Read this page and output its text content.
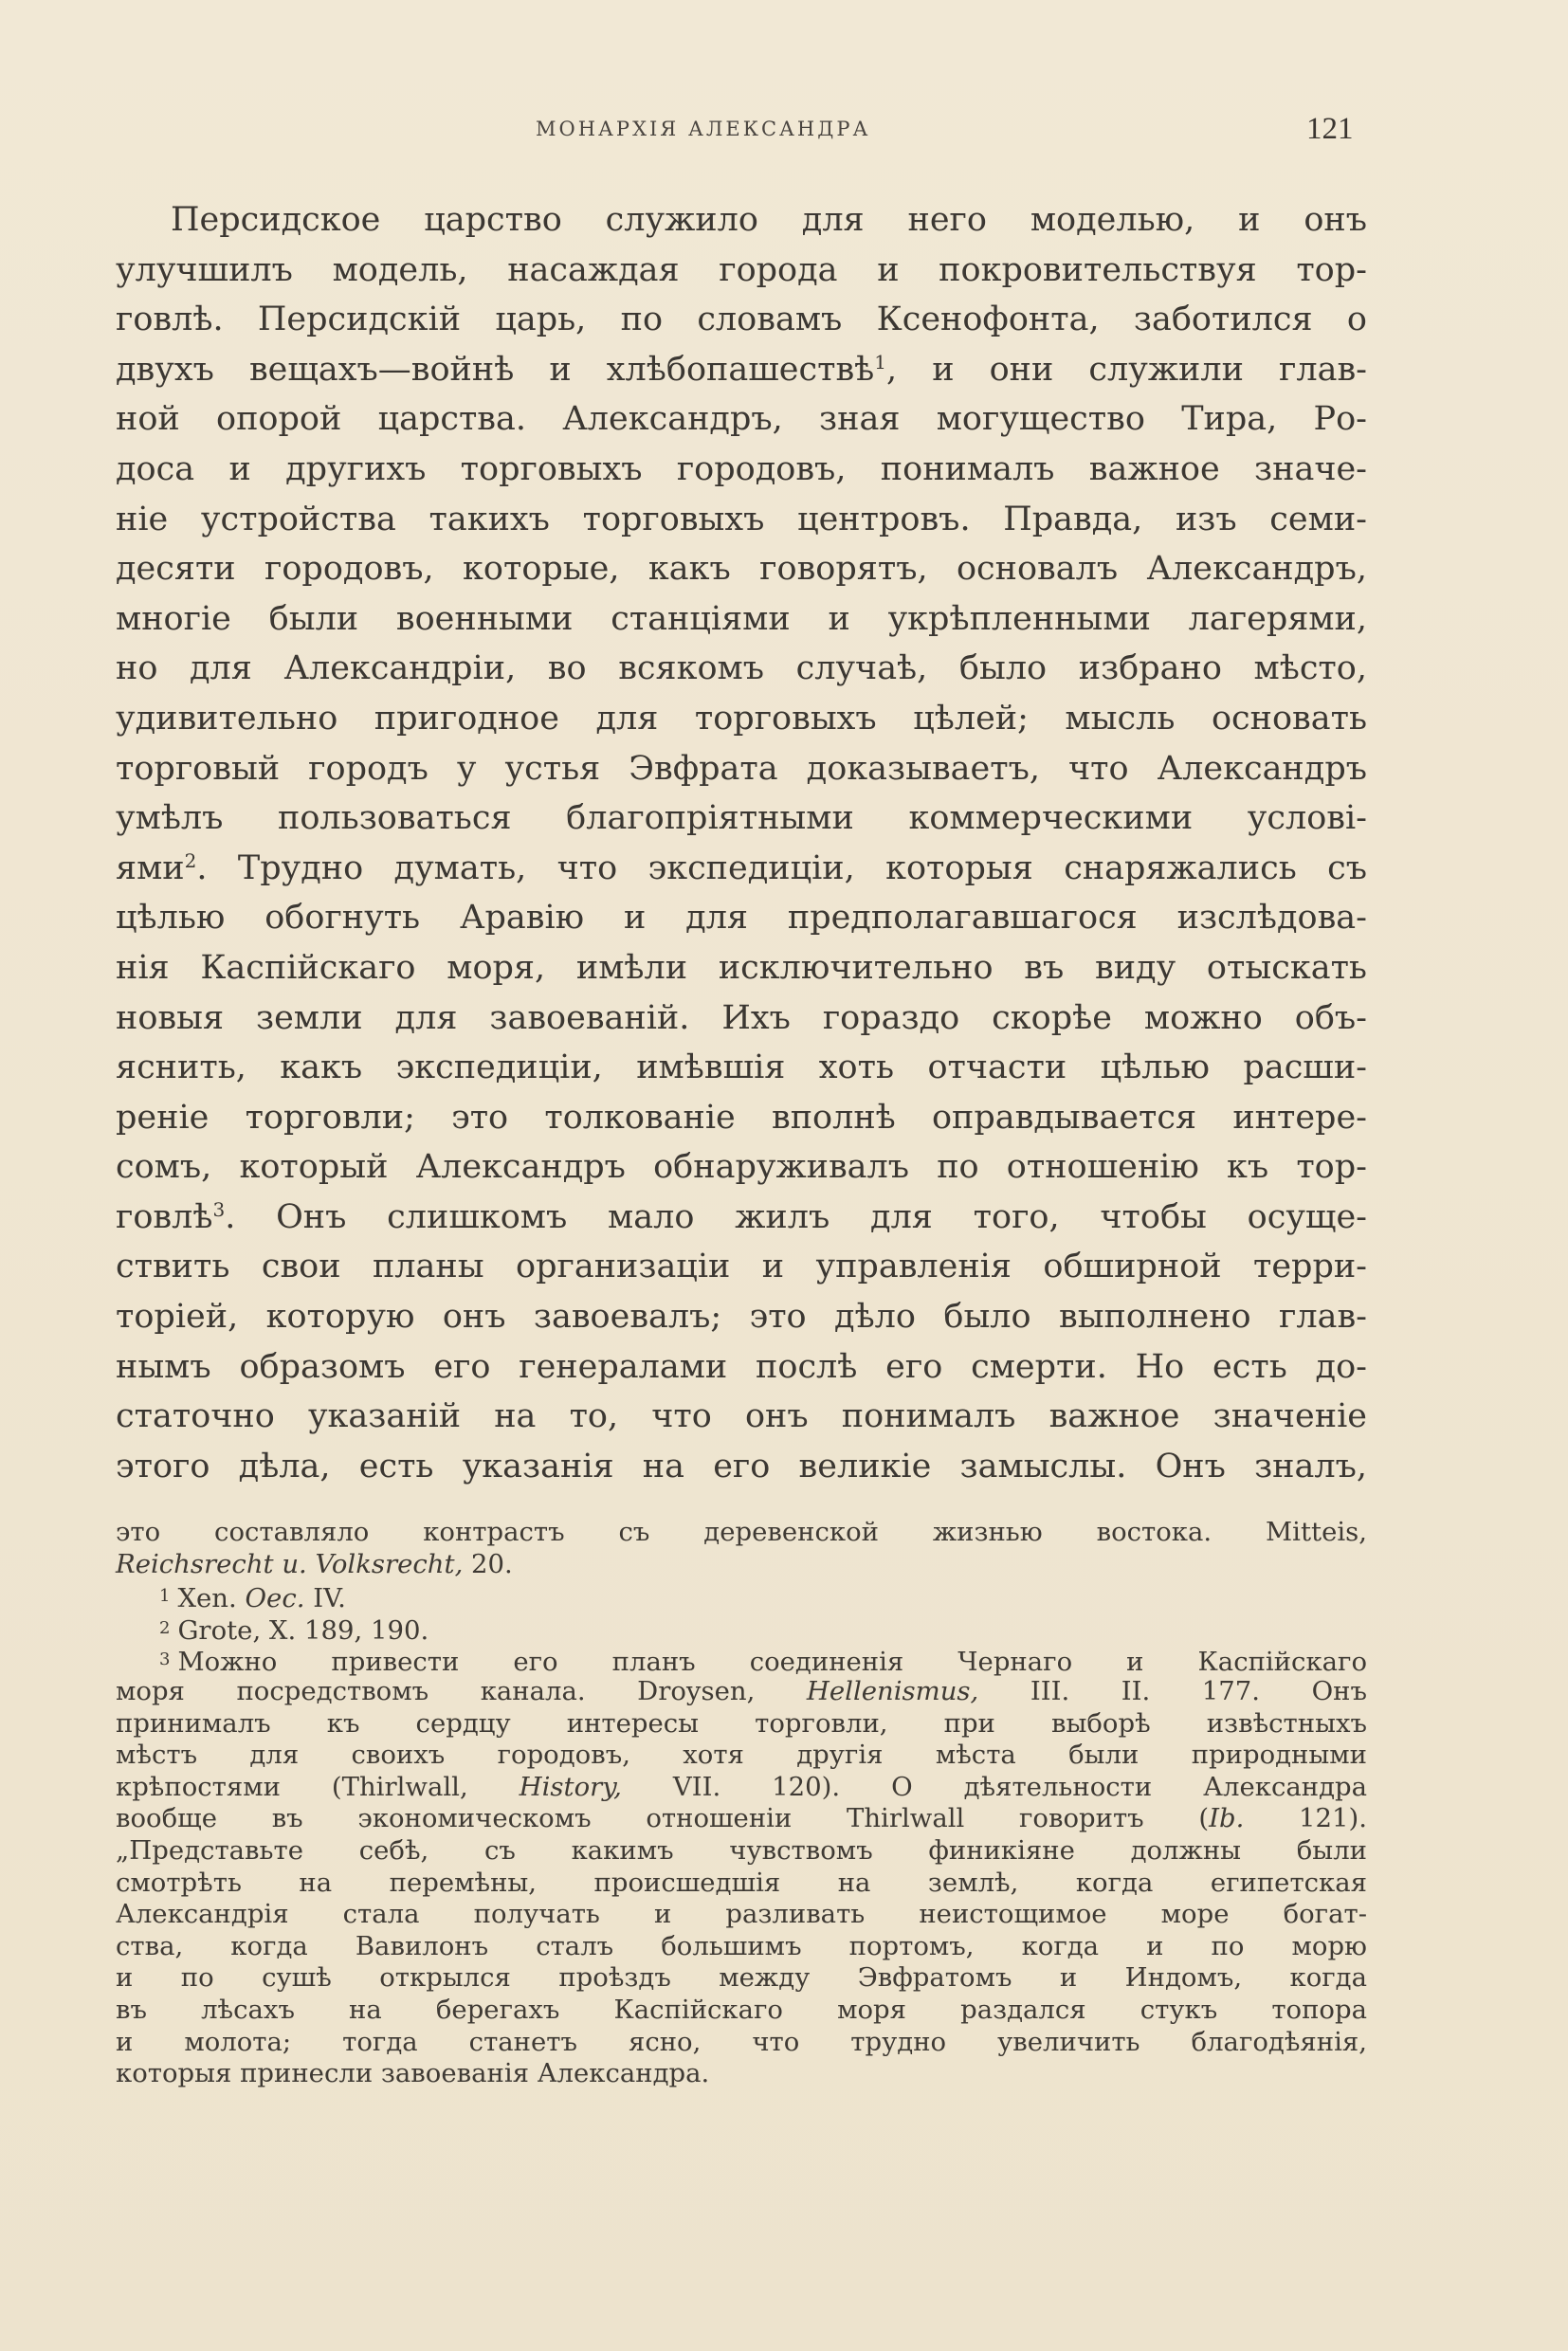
МОНАРХІЯ АЛЕКСАНДРА	121
Персидское царство служило для него моделью, и онъ
улучшилъ модель, насаждая города и покровительствуя тор-
говлѣ. Персидскій царь, по словамъ Ксенофонта, заботился о
двухъ вещахъ—войнѣ и хлѣбопашествѣ$^1$, и они служили глав-
ной опорой царства. Александръ, зная могущество Тира, Ро-
доса и другихъ торговыхъ городовъ, понималъ важное значе-
ніе устройства такихъ торговыхъ центровъ. Правда, изъ семи-
десяти городовъ, которые, какъ говорятъ, основалъ Александръ,
многіе были военными станціями и укрѣпленными лагерями,
но для Александріи, во всякомъ случаѣ, было избрано мѣсто,
удивительно пригодное для торговыхъ цѣлей; мысль основать
торговый городъ у устья Эвфрата доказываетъ, что Александръ
умѣлъ пользоваться благопріятными коммерческими услові-
ями$^2$. Трудно думать, что экспедиціи, которыя снаряжались съ
цѣлью обогнуть Аравію и для предполагавшагося изслѣдова-
нія Каспійскаго моря, имѣли исключительно въ виду отыскать
новыя земли для завоеваній. Ихъ гораздо скорѣе можно объ-
яснить, какъ экспедиціи, имѣвшія хоть отчасти цѣлью расши-
реніе торговли; это толкованіе вполнѣ оправдывается интере-
сомъ, который Александръ обнаруживалъ по отношенію къ тор-
говлѣ$^3$. Онъ слишкомъ мало жилъ для того, чтобы осуще-
ствить свои планы организаціи и управленія обширной терри-
торіей, которую онъ завоевалъ; это дѣло было выполнено глав-
нымъ образомъ его генералами послѣ его смерти. Но есть до-
статочно указаній на то, что онъ понималъ важное значеніе
этого дѣла, есть указанія на его великіе замыслы. Онъ зналъ,
это составляло контрастъ съ деревенской жизнью востока. Mitteis,
Reichsrecht u. Volksrecht, 20.
$^1$ Xen. Oec. IV.
$^2$ Grote, X. 189, 190.
$^3$ Можно привести его планъ соединенія Чернаго и Каспійскаго
моря посредствомъ канала. Droysen, Hellenismus, III. II. 177. Онъ
принималъ къ сердцу интересы торговли, при выборѣ извѣстныхъ
мѣстъ для своихъ городовъ, хотя другія мѣста были природными
крѣпостями (Thirlwall, History, VII. 120). О дѣятельности Александра
вообще въ экономическомъ отношеніи Thirlwall говоритъ (Ib. 121).
„Представьте себѣ, съ какимъ чувствомъ финикіяне должны были
смотрѣть на перемѣны, происшедшія на землѣ, когда египетская
Александрія стала получать и разливать неистощимое море богат-
ства, когда Вавилонъ сталъ большимъ портомъ, когда и по морю
и по сушѣ открылся проѣздъ между Эвфратомъ и Индомъ, когда
въ лѣсахъ на берегахъ Каспійскаго моря раздался стукъ топора
и молота; тогда станетъ ясно, что трудно увеличить благодѣянія,
которыя принесли завоеванія Александра.
